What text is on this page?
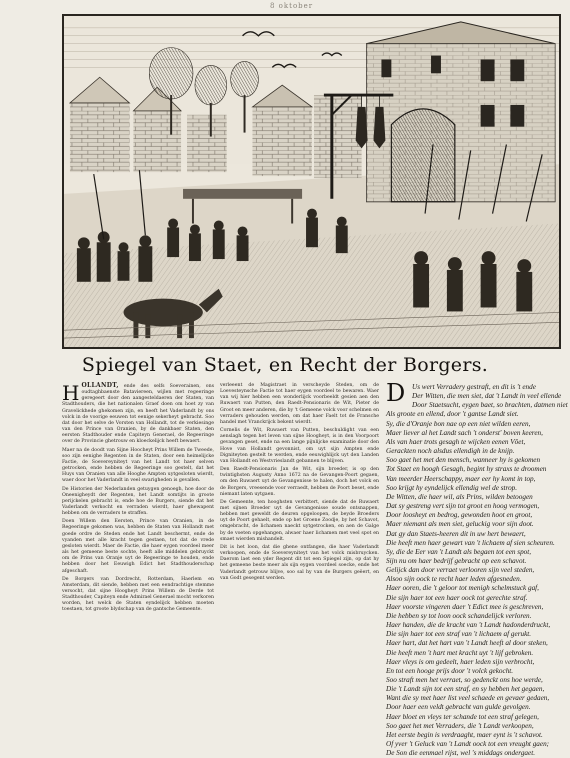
8 oktober
Spiegel van Staet, en Recht der Borgers.

H OLLANDT, ende des selfs Soeverainen, ons oudtaghbaenste Bataviereen, wijlen met regeeringe geregeert door den aangesteldaeren der Staten, van Stadthouders, die het nationalen Graef doen om hoet zy van Gravelickhede ghekomen zijn, en heeft het Vaderlandt by ons volck in de voorige eeuwen tot eenige sekerheyt gebracht. Soo dat door het selve de Vorsten van Hollandt, tot de verkiesinge van den Prince van Oranien, by de dankbaer Staten, den eersten Stadthouder ende Capiteyn Generael, de Regeeringe over de Provincie ghetrouw en kloeckelijck heeft bewaert.

Maer na de doodt van Sijne Hoocheyt Prins Willem de Tweede, soo zijn eenighe Regenten in de Staten, door een heimelijcke Factie, de Soevereyniteyt van het Landt tot haer selven getrocken, ende hebben de Regeeringe soo gestelt, dat het Huys van Oranien van alle Hooghe Ampten uytgesloten wierdt, waer door het Vaderlandt in veel swarigheden is gevallen.

De Historien der Nederlanden getuygen genoegh, hoe door de Oneenigheydt der Regenten, het Landt somtijts in groote perijckelen gebracht is, ende hoe de Burgers, siende dat het Vaderlandt verkocht en verraden wierdt, haer ghewapent hebben om de verraders te straffen.

Doen Willem den Eersten, Prince van Oranien, in de Regeeringe gekomen was, hebben de Staten van Hollandt met goede ordre de Steden ende het Landt beschermt, ende de vyanden met alle kracht tegen gestaen, tot dat de vrede gesloten wierdt. Maer de Factie, die haer eygen voordeel meer als het gemeene beste sochte, heeft alle middelen gebruyckt om de Prins van Oranje uyt de Regeeringe te houden, ende hebben door het Eeuwigh Edict het Stadthouderschap afgeschaft.

De Borgers van Dordrecht, Rotterdam, Haerlem en Amsterdam, dit siende, hebben met een eendrachtige stemme versocht, dat sijne Hoogheyt Prins Willem de Derde tot Stadthouder, Capiteyn ende Admirael Generael mocht verkoren worden, het welck de Staten eyndelijck hebben moeten toestaen, tot groote blydschap van de gantsche Gemeente.

verleeent de Magistraet in verscheyde Steden, om de Loevesteynsche Factie tot haer eygen voordeel te bewaren. Waer van wij hier hebben een wonderlijck voorbeeldt gesien aen den Ruwaert van Putten, den Raedt-Pensionaris de Wit, Pieter de Groot en meer anderen, die by 't Gemeene volck voor schelmen en verraders gehouden werden, om dat haer Faelt tot de Fransche handel met Vranckrijck bekent wierdt.

Cornelis de Wit, Ruwaert van Putten, beschuldight van een aenslagh tegen het leven van sijne Hoogheyt, is in den Voorpoort gevangen geset, ende na een lange pijnlijcke examinatie door den Hove van Hollandt gevonnist, om uyt sijn Ampten ende Digniteyten gestelt te werden, ende eeuwighlijck uyt den Landen van Hollandt en Westvrieslandt gebannen te blijven.

Den Raedt-Pensionaris Jan de Wit, sijn broeder, is op den twintighsten Augusty Anno 1672 na de Gevangen-Poort gegaen, om den Ruwaert uyt de Gevangenisse te halen, doch het volck en de Borgers, vreesende voor verraedt, hebben de Poort beset, ende niemant laten uytgaen.

De Gemeente, ten hooghsten verbittert, siende dat de Ruwaert met sijnen Broeder uyt de Gevangenisse soude ontsnappen, hebben met geweldt de deuren opgeloopen, de beyde Broeders uyt de Poort gehaelt, ende op het Groene Zoodje, by het Schavot, omgebracht, de lichamen naeckt uytgetrocken, en aen de Galge by de voeten opgehangen, alwaer haer lichamen met veel spot en smaet wierden mishandelt.

Dit is het loon, dat die ghene ontfangen, die haer Vaderlandt verkoopen, ende de Soevereyniteyt van het volck misbruycken. Daerom laet een yder Regent dit tot een Spiegel zijn, op dat hy het gemeene beste meer als sijn eygen voordeel soecke, ende het Vaderlandt getrouw blijve, soo sal hy van de Burgers geëert, en van Godt gesegent werden.

D Us wert Verradery gestraft, en dit is 't ende
Der Witten, die men siet, dat 't Landt in veel ellende
Door Staetsucht, eygen baet, so brachten, datmen niet
Als groote en ellend, door 't gantse Landt siet.
Sy, die d'Oranje bon nae op een niet wilden eeren,
Maer liever al het Landt sach 't onderst' boven keeren,
Als van haer trots gesagh te wijcken eenen Vôet,
Gerackten noch alsdus ellendigh in de knijp.
Soo gaet het met den mensch, wanneer hy is gekomen
Tot Staet en hoogh Gesagh, begint hy straxs te droomen
Van meerder Heerschappy, maer eer hy komt in top,
Soo krijgt hy eyndelijck ellendig wel de strop.
De Witten, die haer wil, als Prins, wilden betoogen
Dat sy gestreng vert sijn tot groot en hoog vermogen,
Door loosheyt en bedrog, gewonden hoot en groot,
Maer niemant als men siet, geluckig voor sijn doot.
Dat gy dan Staets-heeren dit in uw hert bewaert,
Die heeft men haer gewart van 't lichaem af sien scheuren.
Sy, die de Eer van 't Landt als begaen tot een spot,
Sijn nu om haer bedrijf gebracht op een schavot.
Gelijck dan door verraet verlooren sijn veel steden,
Alsoo sijn oock te recht haer leden afgesneden.
Haer ooren, die 't geloor tot menigh schelmstuck gaf,
Die sijn haer tot een haer oock tot gerechte straf.
Haer voorste vingeren daer 't Edict mee is geschreven,
Die hebben sy tot loon oock schandelijck verloren.
Haer handen, die de kracht van 't Landt hadonderdruckt,
Die sijn haer tot een straf van 't lichaem af gerukt.
Haer hart, dat het hart van 't Landt heeft al door steken,
Die heeft men 't hart met kracht uyt 't lijf gebroken.
Haer vleys is om gedeelt, haer leden sijn verbrocht,
En tot een hooge prijs door 't volck gekocht.
Soo straft men het verraet, so gedenckt ons hoe werde,
Die 't Landt sijn tot een straf, en sy hebben het gegaen,
Want die sy met haer list veel schaede en gevaer gedaen,
Door haer een veldt gebracht van gulde gevolgen.
Haer bloet en vleys ter schande tot een straf gelegen,
Soo gaet het met Verraders, die 't Landt verkoopen,
Het eerste begin is verdraaght, maer eynt is 't schavot.
Of yver 't Geluck van 't Landt oock tot een vreught gaen;
De Son die eenmael rijst, wel 's middags ondergaet.
